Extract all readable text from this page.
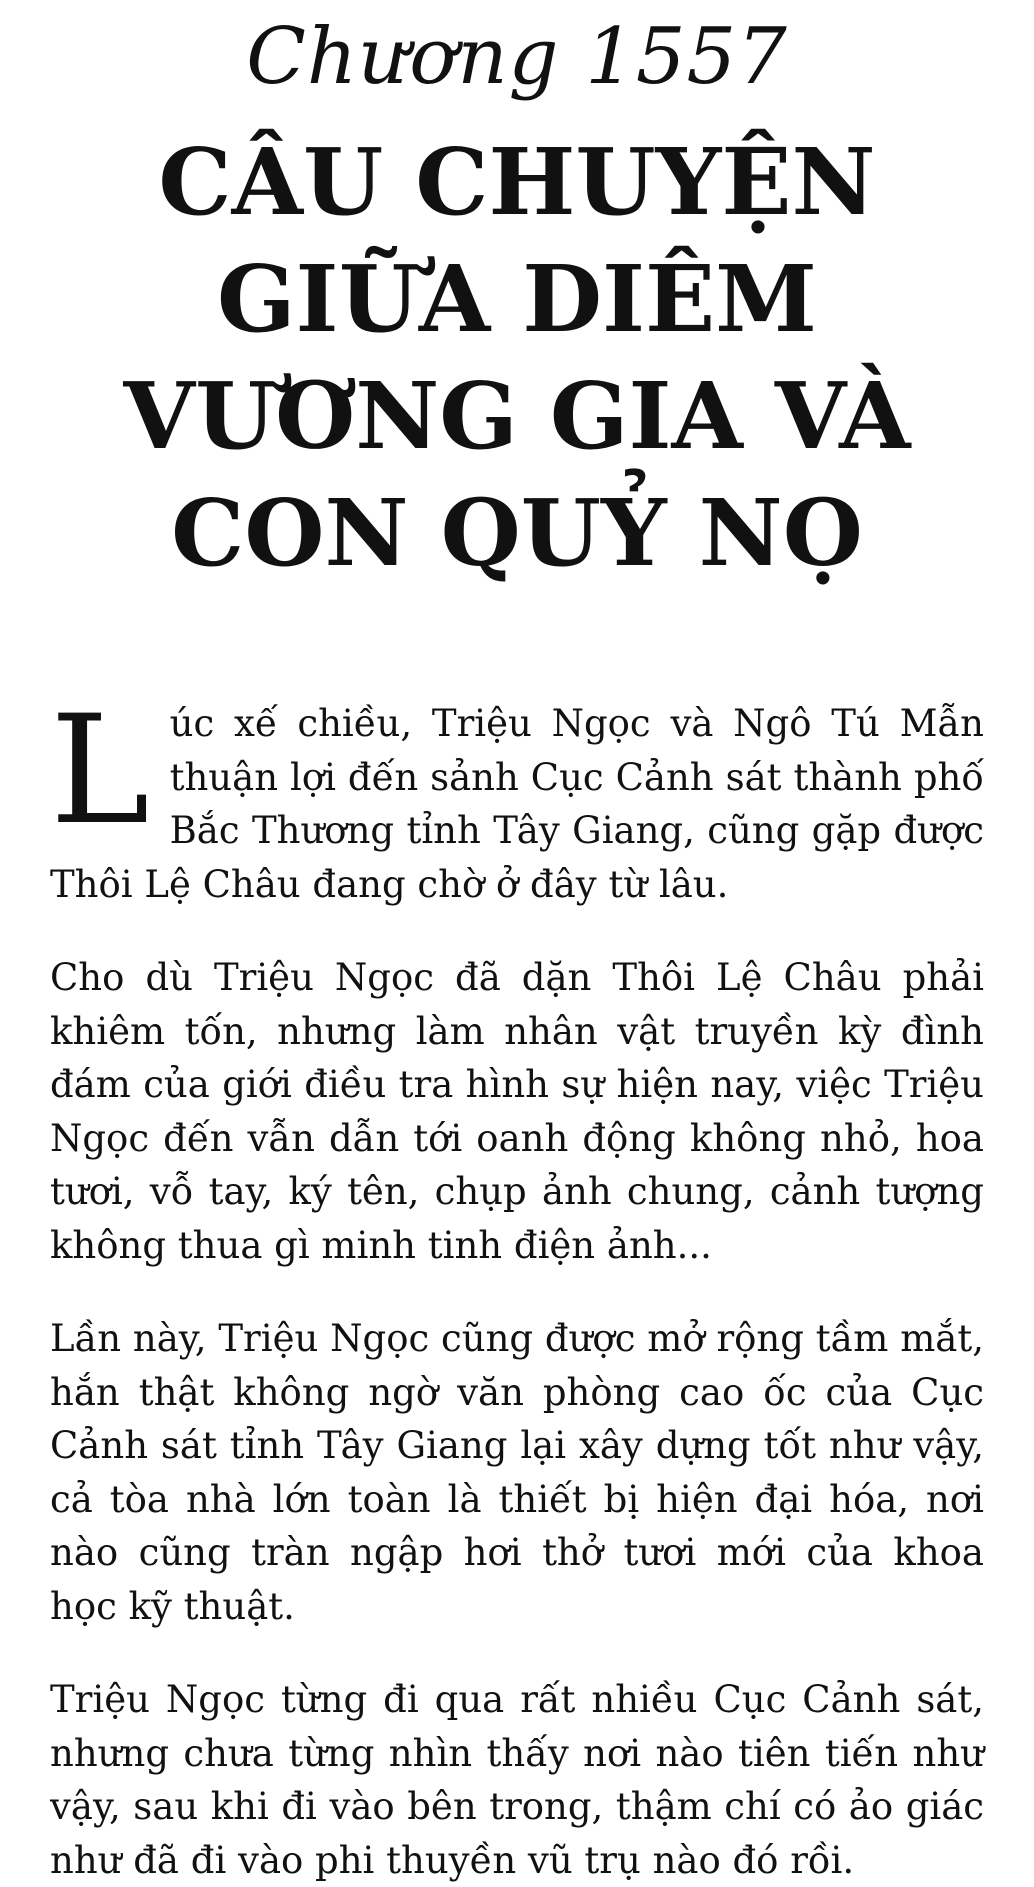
Chương 1557
CÂU CHUYỆN GIỮA DIÊM VƯƠNG GIA VÀ CON QUỶ NỌ

Lúc xế chiều, Triệu Ngọc và Ngô Tú Mẫn thuận lợi đến sảnh Cục Cảnh sát thành phố Bắc Thương tỉnh Tây Giang, cũng gặp được Thôi Lệ Châu đang chờ ở đây từ lâu.

Cho dù Triệu Ngọc đã dặn Thôi Lệ Châu phải khiêm tốn, nhưng làm nhân vật truyền kỳ đình đám của giới điều tra hình sự hiện nay, việc Triệu Ngọc đến vẫn dẫn tới oanh động không nhỏ, hoa tươi, vỗ tay, ký tên, chụp ảnh chung, cảnh tượng không thua gì minh tinh điện ảnh...

Lần này, Triệu Ngọc cũng được mở rộng tầm mắt, hắn thật không ngờ văn phòng cao ốc của Cục Cảnh sát tỉnh Tây Giang lại xây dựng tốt như vậy, cả tòa nhà lớn toàn là thiết bị hiện đại hóa, nơi nào cũng tràn ngập hơi thở tươi mới của khoa học kỹ thuật.

Triệu Ngọc từng đi qua rất nhiều Cục Cảnh sát, nhưng chưa từng nhìn thấy nơi nào tiên tiến như vậy, sau khi đi vào bên trong, thậm chí có ảo giác như đã đi vào phi thuyền vũ trụ nào đó rồi.
